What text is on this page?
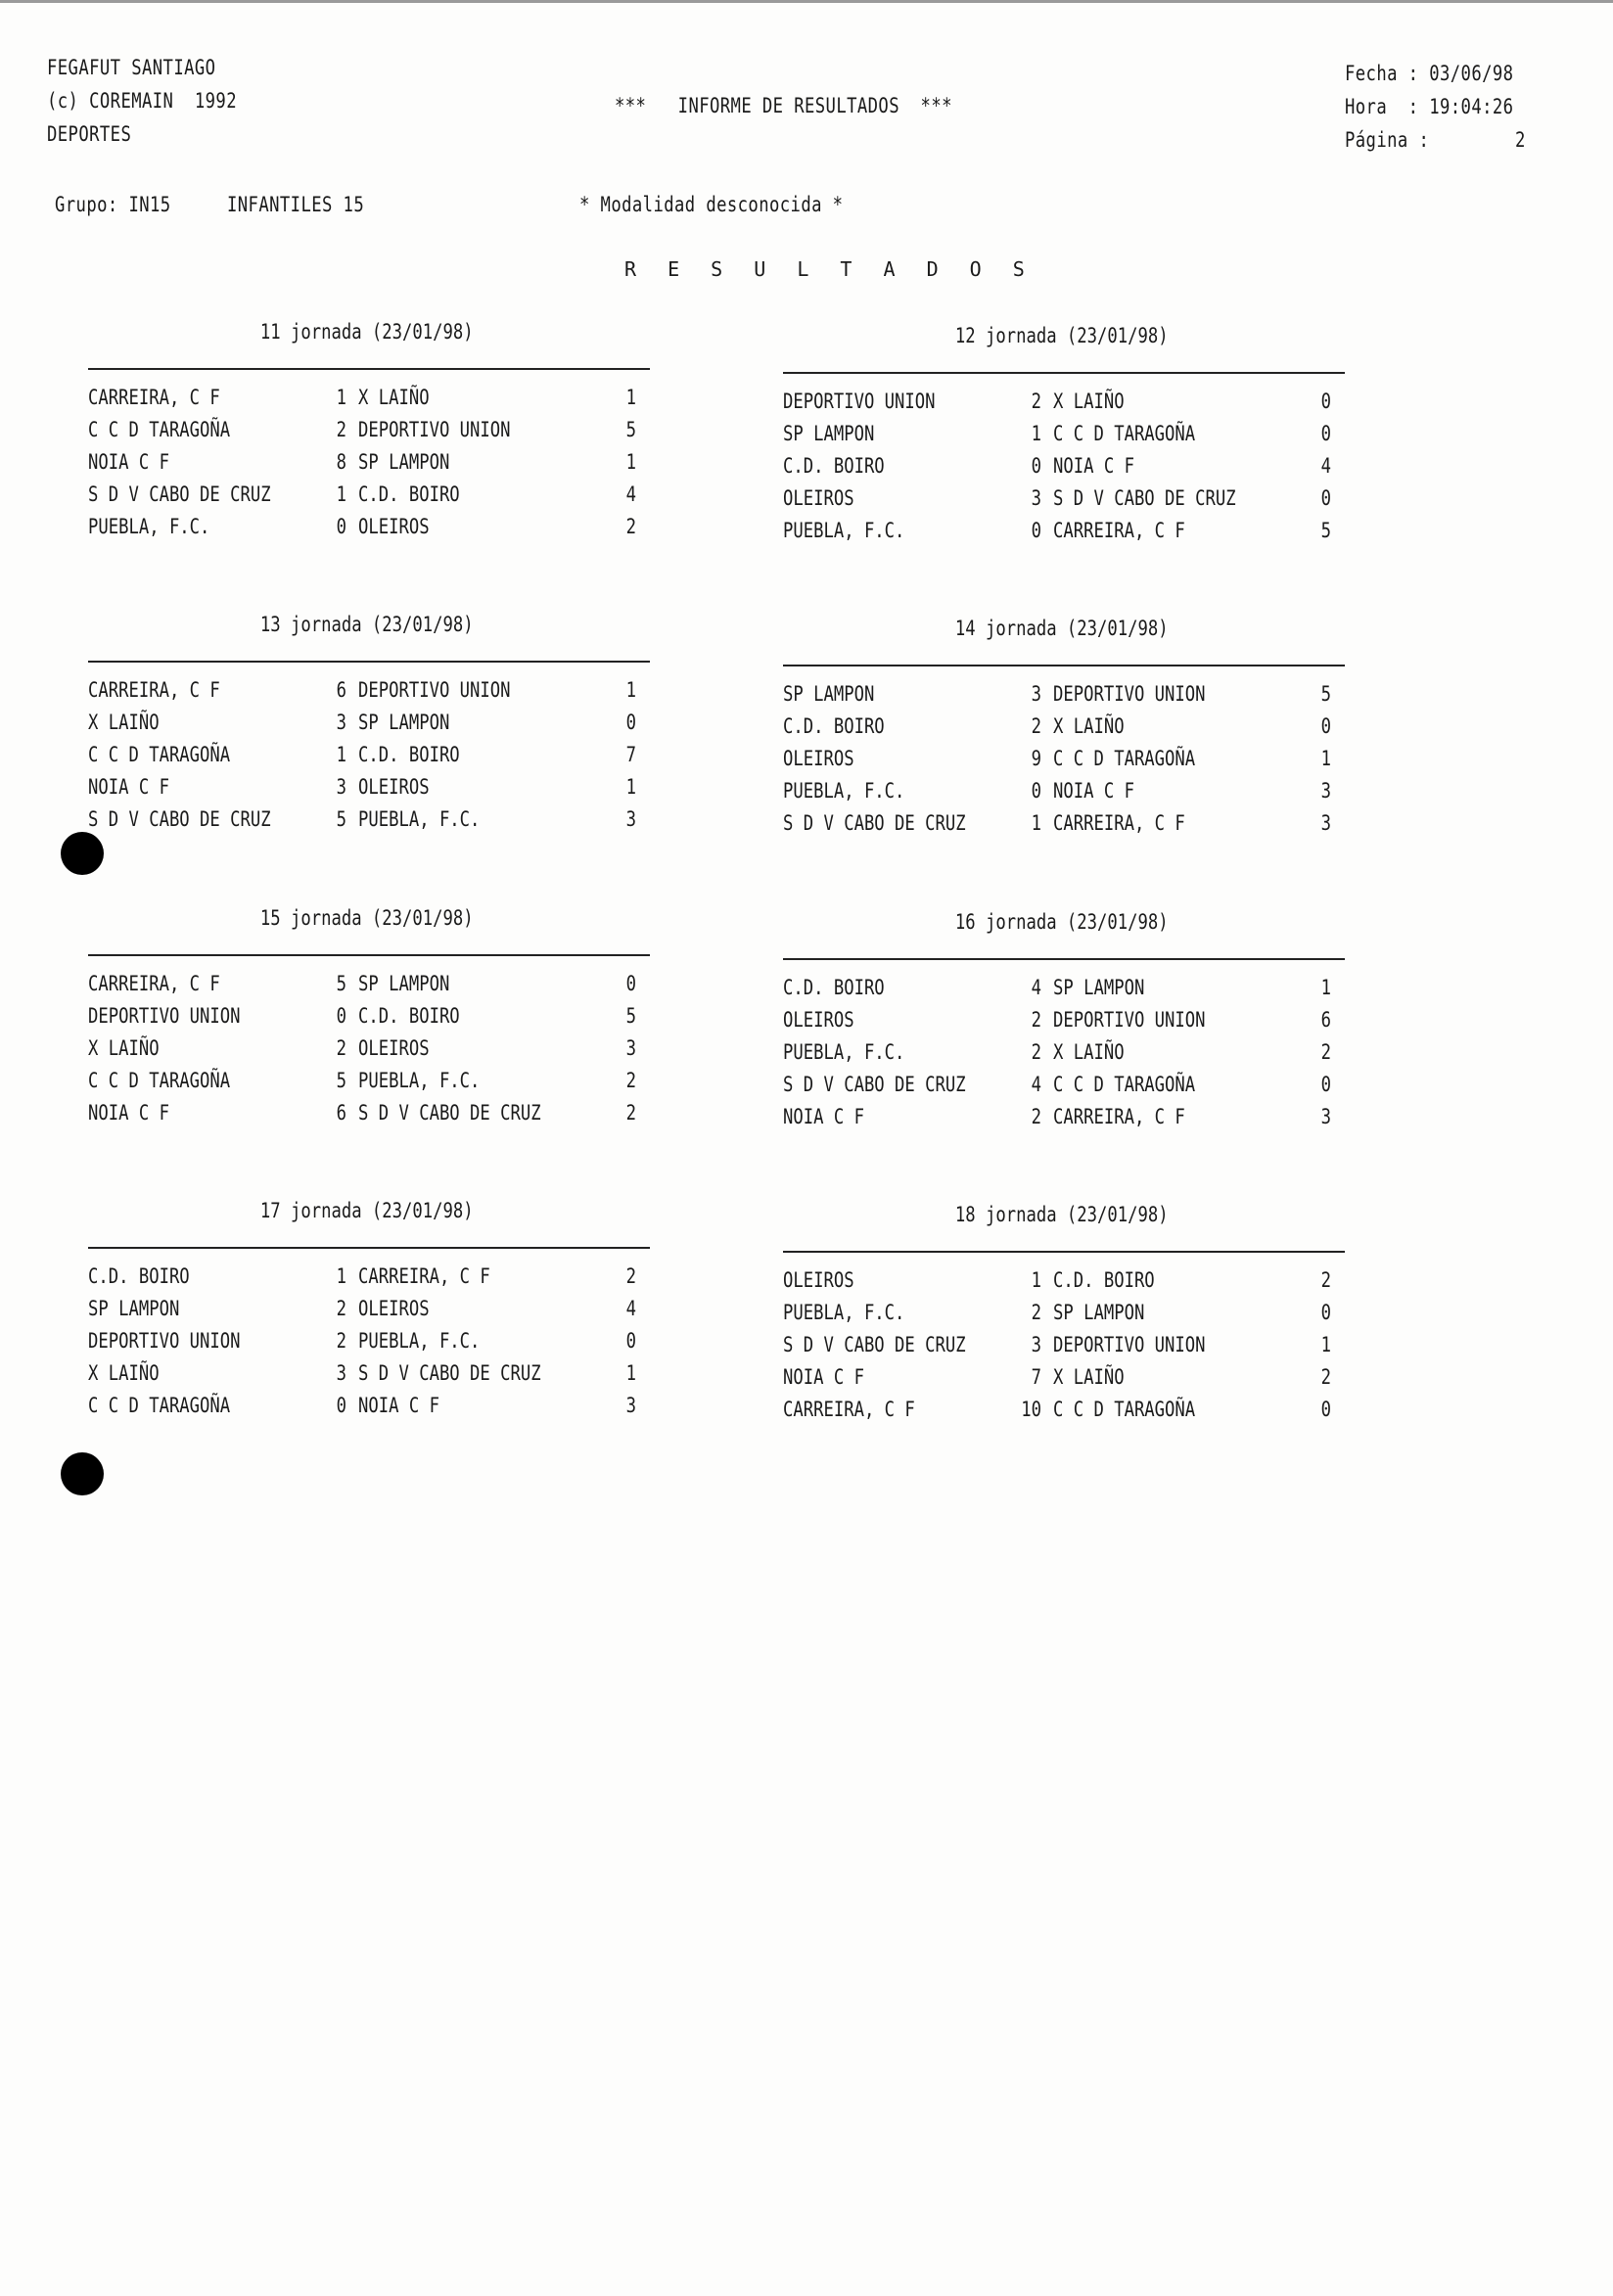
FEGAFUT SANTIAGO
(c) COREMAIN  1992
DEPORTES
***   INFORME DE RESULTADOS  ***
Fecha : 03/06/98
Hora  : 19:04:26
Página :	2
Grupo: IN15	INFANTILES 15	* Modalidad desconocida *
R E S U L T A D O S
11 jornada (23/01/98)
CARREIRA, C F	1 X LAIÑO	1
C C D TARAGOÑA	2 DEPORTIVO UNION	5
NOIA C F	8 SP LAMPON	1
S D V CABO DE CRUZ	1 C.D. BOIRO	4
PUEBLA, F.C.	0 OLEIROS	2
12 jornada (23/01/98)
DEPORTIVO UNION	2 X LAIÑO	0
SP LAMPON	1 C C D TARAGOÑA	0
C.D. BOIRO	0 NOIA C F	4
OLEIROS	3 S D V CABO DE CRUZ	0
PUEBLA, F.C.	0 CARREIRA, C F	5
13 jornada (23/01/98)
CARREIRA, C F	6 DEPORTIVO UNION	1
X LAIÑO	3 SP LAMPON	0
C C D TARAGOÑA	1 C.D. BOIRO	7
NOIA C F	3 OLEIROS	1
S D V CABO DE CRUZ	5 PUEBLA, F.C.	3
14 jornada (23/01/98)
SP LAMPON	3 DEPORTIVO UNION	5
C.D. BOIRO	2 X LAIÑO	0
OLEIROS	9 C C D TARAGOÑA	1
PUEBLA, F.C.	0 NOIA C F	3
S D V CABO DE CRUZ	1 CARREIRA, C F	3
15 jornada (23/01/98)
CARREIRA, C F	5 SP LAMPON	0
DEPORTIVO UNION	0 C.D. BOIRO	5
X LAIÑO	2 OLEIROS	3
C C D TARAGOÑA	5 PUEBLA, F.C.	2
NOIA C F	6 S D V CABO DE CRUZ	2
16 jornada (23/01/98)
C.D. BOIRO	4 SP LAMPON	1
OLEIROS	2 DEPORTIVO UNION	6
PUEBLA, F.C.	2 X LAIÑO	2
S D V CABO DE CRUZ	4 C C D TARAGOÑA	0
NOIA C F	2 CARREIRA, C F	3
17 jornada (23/01/98)
C.D. BOIRO	1 CARREIRA, C F	2
SP LAMPON	2 OLEIROS	4
DEPORTIVO UNION	2 PUEBLA, F.C.	0
X LAIÑO	3 S D V CABO DE CRUZ	1
C C D TARAGOÑA	0 NOIA C F	3
18 jornada (23/01/98)
OLEIROS	1 C.D. BOIRO	2
PUEBLA, F.C.	2 SP LAMPON	0
S D V CABO DE CRUZ	3 DEPORTIVO UNION	1
NOIA C F	7 X LAIÑO	2
CARREIRA, C F	10 C C D TARAGOÑA	0
